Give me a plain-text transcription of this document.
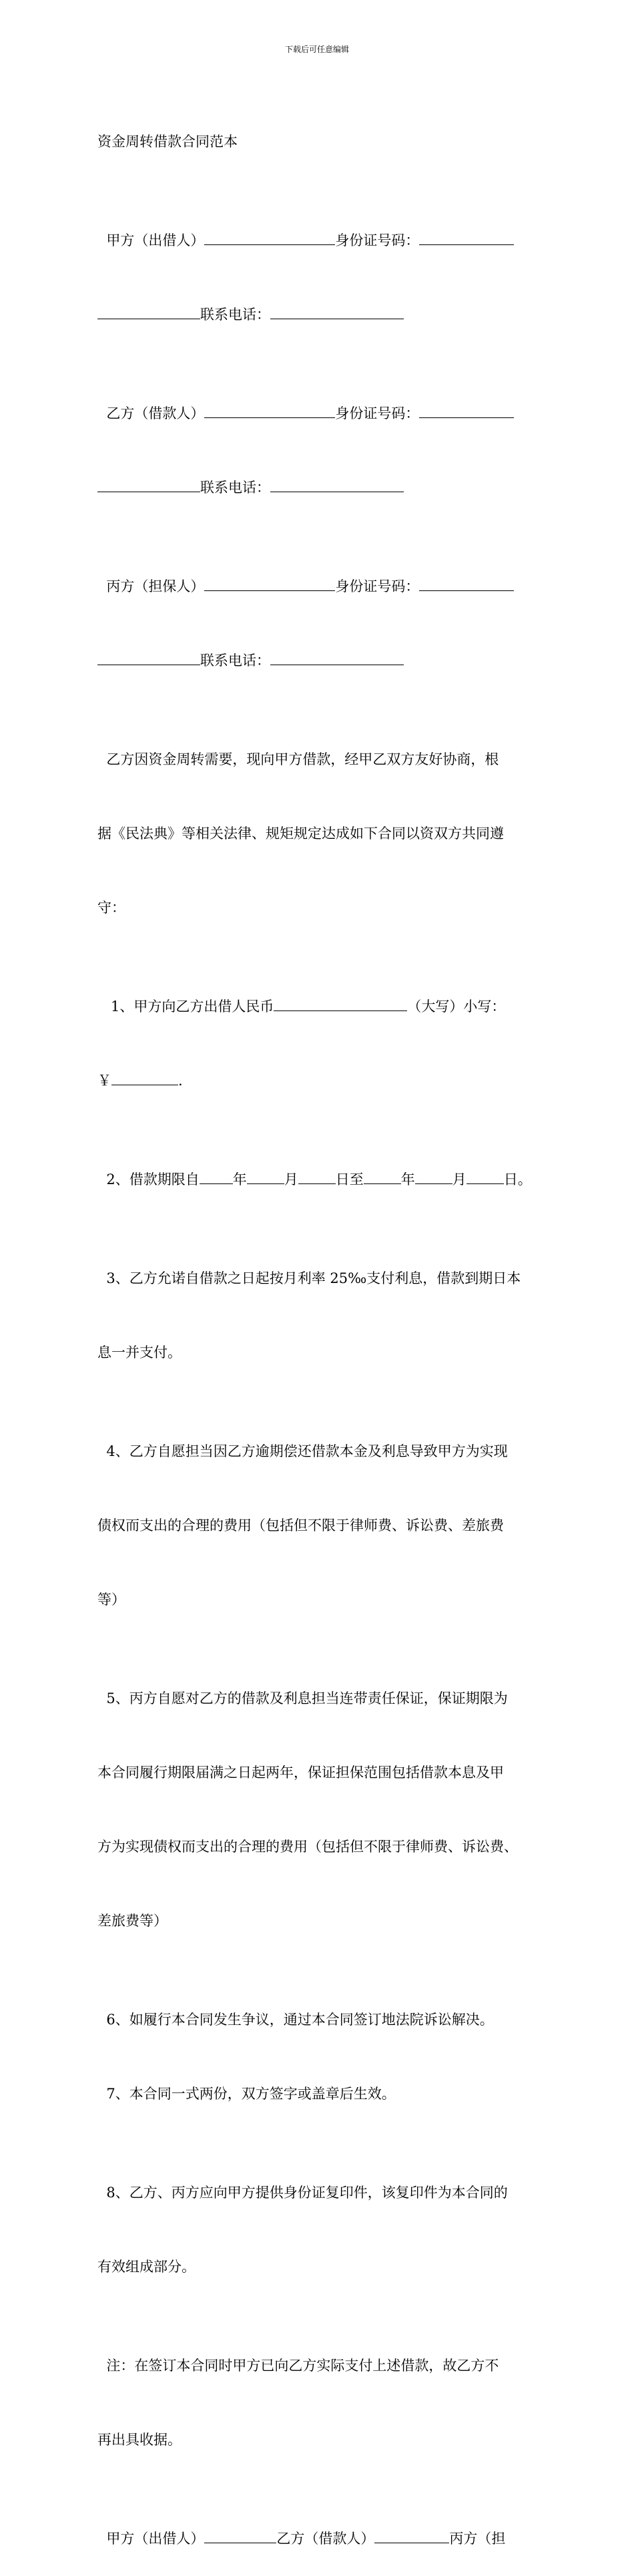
下载后可任意编辑

资金周转借款合同范本

甲方（出借人）	身份证号码：

联系电话：

乙方（借款人）	身份证号码：

联系电话：

丙方（担保人）	身份证号码：

联系电话：

乙方因资金周转需要，现向甲方借款，经甲乙双方友好协商，根

据《民法典》等相关法律、规矩规定达成如下合同以资双方共同遵

守：

1、甲方向乙方出借人民币	（大写）小写：

￥	.

2、借款期限自 年	月	日至	年	月	日。

3、乙方允诺自借款之日起按月利率 25‰支付利息，借款到期日本

息一并支付。

4、乙方自愿担当因乙方逾期偿还借款本金及利息导致甲方为实现

债权而支出的合理的费用（包括但不限于律师费、诉讼费、差旅费

等）

5、丙方自愿对乙方的借款及利息担当连带责任保证，保证期限为

本合同履行期限届满之日起两年，保证担保范围包括借款本息及甲

方为实现债权而支出的合理的费用（包括但不限于律师费、诉讼费、

差旅费等）

6、如履行本合同发生争议，通过本合同签订地法院诉讼解决。

7、本合同一式两份，双方签字或盖章后生效。

8、乙方、丙方应向甲方提供身份证复印件，该复印件为本合同的

有效组成部分。

注：在签订本合同时甲方已向乙方实际支付上述借款，故乙方不

再出具收据。

甲方（出借人）	乙方（借款人）	丙方（担
